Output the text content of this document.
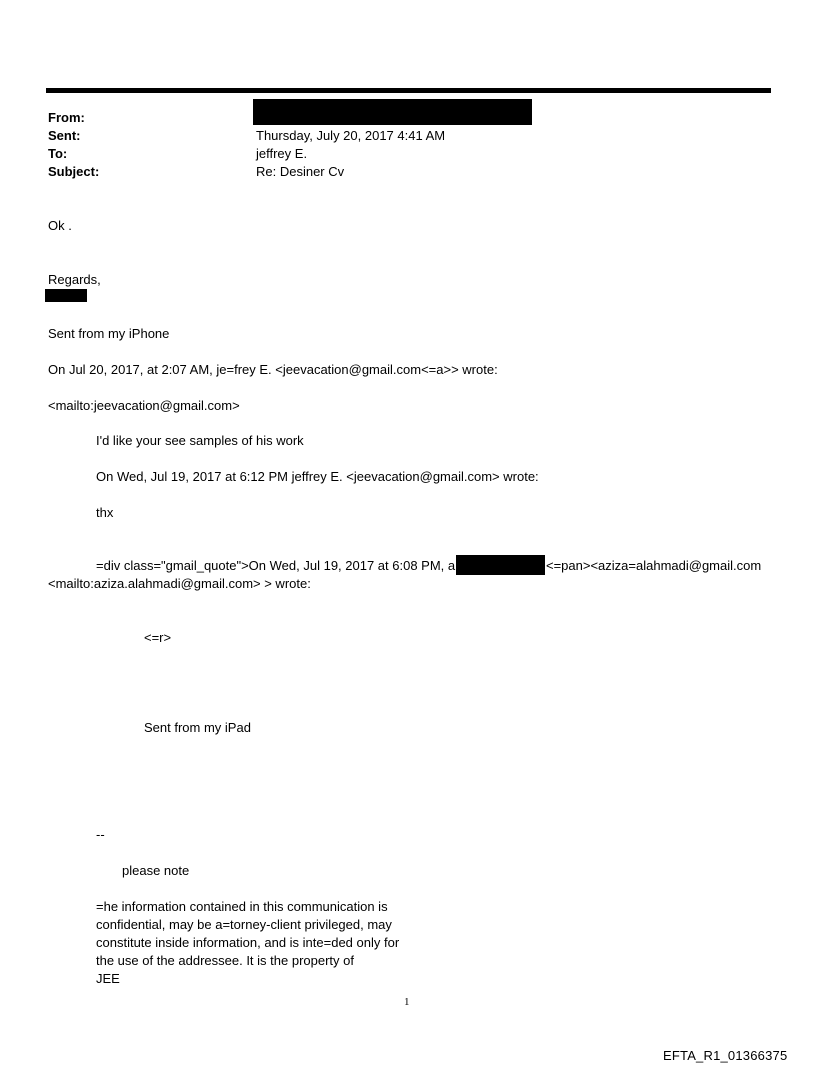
From:
Sent:
To:
Subject:
Thursday, July 20, 2017 4:41 AM
jeffrey E.
Re: Desiner Cv
Ok .
Regards,
Sent from my iPhone
On Jul 20, 2017, at 2:07 AM, je=frey E. <jeevacation@gmail.com<=a>> wrote:
<mailto:jeevacation@gmail.com>
I'd like your see samples of his work
On Wed, Jul 19, 2017 at 6:12 PM jeffrey E. <jeevacation@gmail.com> wrote:
thx
=div class="gmail_quote">On Wed, Jul 19, 2017 at 6:08 PM, a	<=pan><aziza=alahmadi@gmail.com
<mailto:aziza.alahmadi@gmail.com> > wrote:
<=r>
Sent from my iPad
--
please note
=he information contained in this communication is
confidential, may be a=torney-client privileged, may
constitute inside information, and is inte=ded only for
the use of the addressee. It is the property of
JEE
1
EFTA_R1_01366375
